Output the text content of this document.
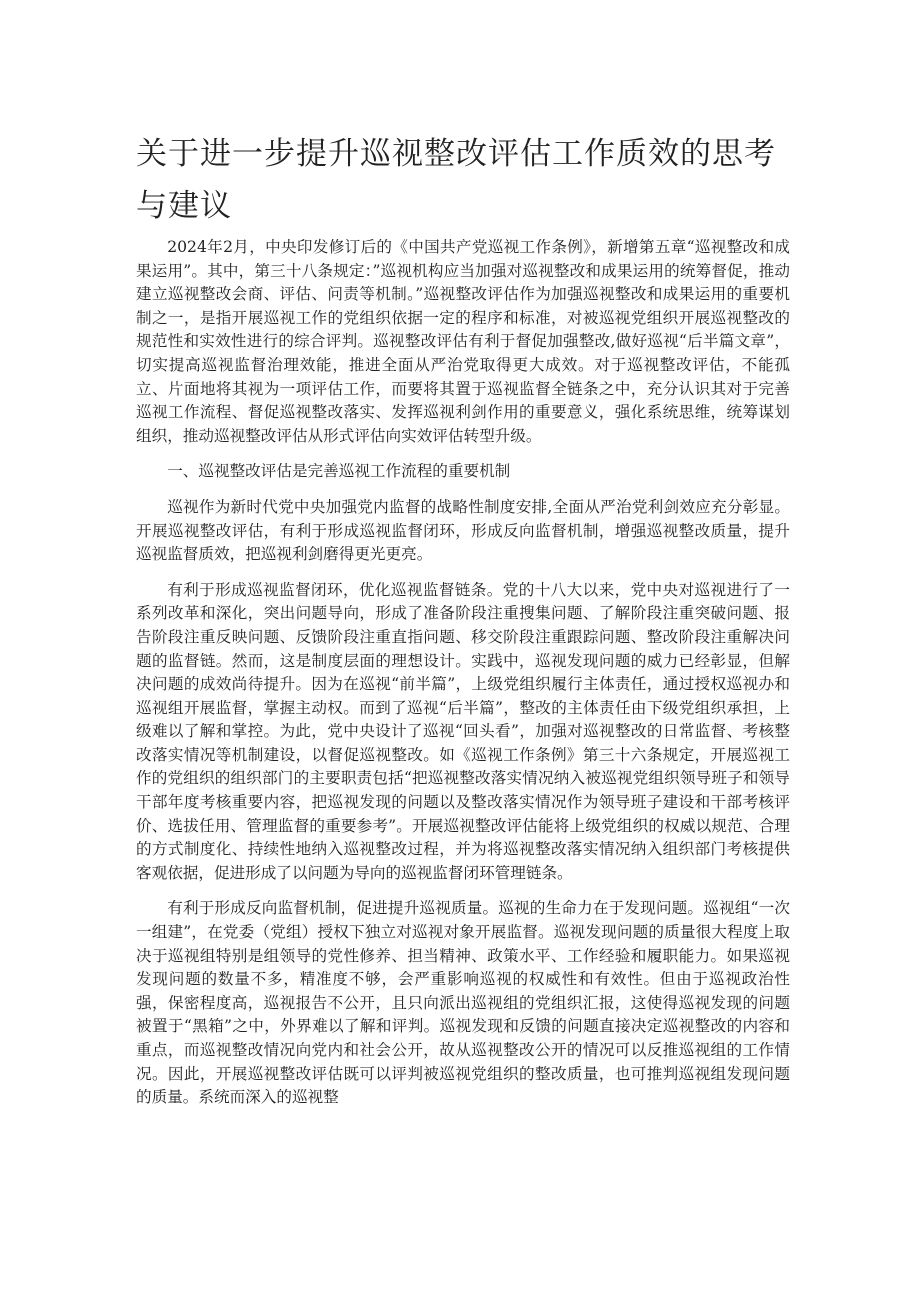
关于进一步提升巡视整改评估工作质效的思考与建议

2024年2月，中央印发修订后的《中国共产党巡视工作条例》，新增第五章“巡视整改和成果运用”。其中，第三十八条规定：”巡视机构应当加强对巡视整改和成果运用的统筹督促，推动建立巡视整改会商、评估、问责等机制。”巡视整改评估作为加强巡视整改和成果运用的重要机制之一，是指开展巡视工作的党组织依据一定的程序和标准，对被巡视党组织开展巡视整改的规范性和实效性进行的综合评判。巡视整改评估有利于督促加强整改,做好巡视“后半篇文章”，切实提高巡视监督治理效能，推进全面从严治党取得更大成效。对于巡视整改评估，不能孤立、片面地将其视为一项评估工作，而要将其置于巡视监督全链条之中，充分认识其对于完善巡视工作流程、督促巡视整改落实、发挥巡视利剑作用的重要意义，强化系统思维，统筹谋划组织，推动巡视整改评估从形式评估向实效评估转型升级。

一、巡视整改评估是完善巡视工作流程的重要机制

巡视作为新时代党中央加强党内监督的战略性制度安排,全面从严治党利剑效应充分彰显。开展巡视整改评估，有利于形成巡视监督闭环，形成反向监督机制，增强巡视整改质量，提升巡视监督质效，把巡视利剑磨得更光更亮。

有利于形成巡视监督闭环，优化巡视监督链条。党的十八大以来，党中央对巡视进行了一系列改革和深化，突出问题导向，形成了准备阶段注重搜集问题、了解阶段注重突破问题、报告阶段注重反映问题、反馈阶段注重直指问题、移交阶段注重跟踪问题、整改阶段注重解决问题的监督链。然而，这是制度层面的理想设计。实践中，巡视发现问题的威力已经彰显，但解决问题的成效尚待提升。因为在巡视“前半篇”，上级党组织履行主体责任，通过授权巡视办和巡视组开展监督，掌握主动权。而到了巡视“后半篇”，整改的主体责任由下级党组织承担，上级难以了解和掌控。为此，党中央设计了巡视“回头看”，加强对巡视整改的日常监督、考核整改落实情况等机制建设，以督促巡视整改。如《巡视工作条例》第三十六条规定，开展巡视工作的党组织的组织部门的主要职责包括“把巡视整改落实情况纳入被巡视党组织领导班子和领导干部年度考核重要内容，把巡视发现的问题以及整改落实情况作为领导班子建设和干部考核评价、选拔任用、管理监督的重要参考”。开展巡视整改评估能将上级党组织的权威以规范、合理的方式制度化、持续性地纳入巡视整改过程，并为将巡视整改落实情况纳入组织部门考核提供客观依据，促进形成了以问题为导向的巡视监督闭环管理链条。

有利于形成反向监督机制，促进提升巡视质量。巡视的生命力在于发现问题。巡视组“一次一组建”，在党委（党组）授权下独立对巡视对象开展监督。巡视发现问题的质量很大程度上取决于巡视组特别是组领导的党性修养、担当精神、政策水平、工作经验和履职能力。如果巡视发现问题的数量不多，精准度不够，会严重影响巡视的权威性和有效性。但由于巡视政治性强，保密程度高，巡视报告不公开，且只向派出巡视组的党组织汇报，这使得巡视发现的问题被置于“黑箱”之中，外界难以了解和评判。巡视发现和反馈的问题直接决定巡视整改的内容和重点，而巡视整改情况向党内和社会公开，故从巡视整改公开的情况可以反推巡视组的工作情况。因此，开展巡视整改评估既可以评判被巡视党组织的整改质量，也可推判巡视组发现问题的质量。系统而深入的巡视整
